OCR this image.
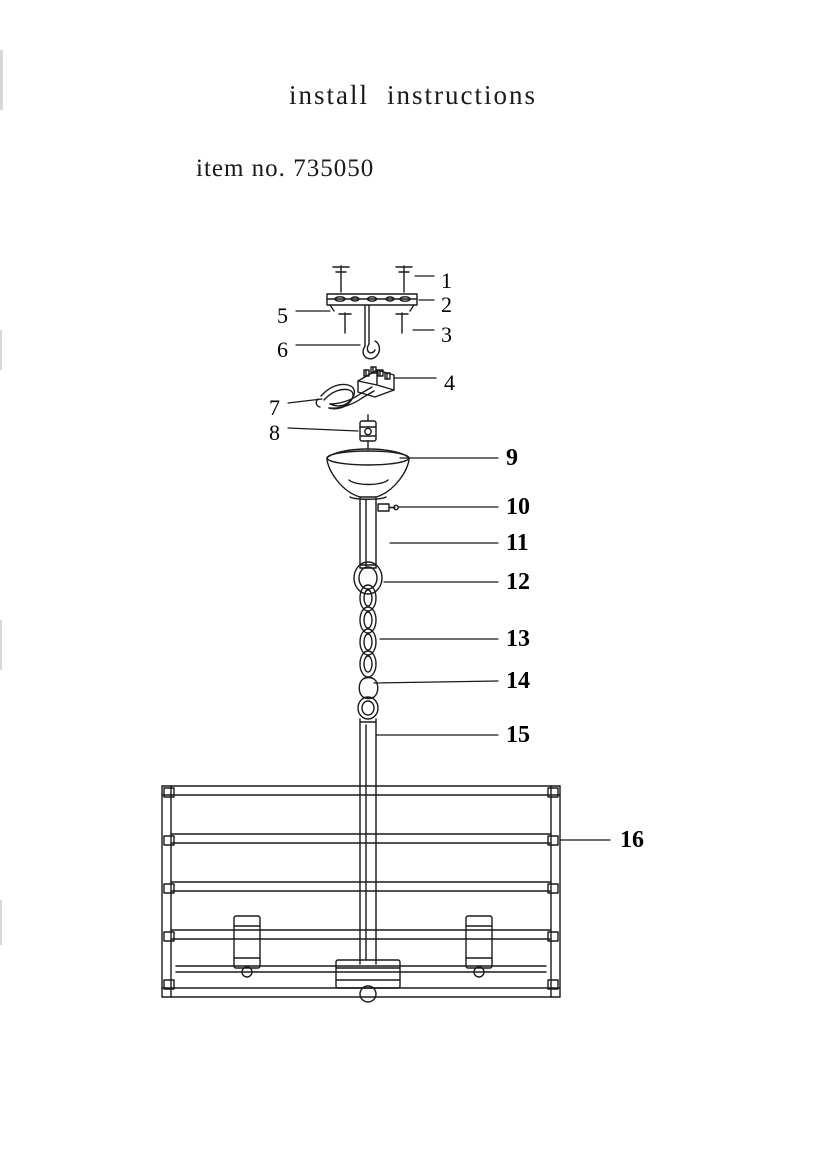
install instructions
item no. 735050
1
2
3
4
5
6
7
8
9
10
11
12
13
14
15
16
